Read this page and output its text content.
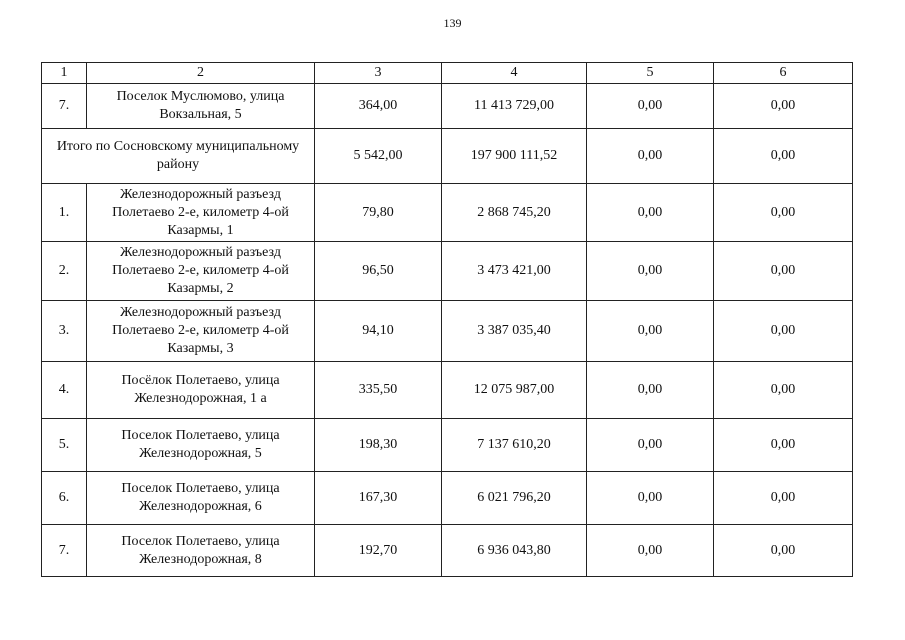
139
1	2	3	4	5	6
7.	Поселок Муслюмово, улица Вокзальная, 5	364,00	11 413 729,00	0,00	0,00
Итого по Сосновскому муниципальному району		5 542,00	197 900 111,52	0,00	0,00
1.	Железнодорожный разъезд Полетаево 2-е, километр 4-ой Казармы, 1	79,80	2 868 745,20	0,00	0,00
2.	Железнодорожный разъезд Полетаево 2-е, километр 4-ой Казармы, 2	96,50	3 473 421,00	0,00	0,00
3.	Железнодорожный разъезд Полетаево 2-е, километр 4-ой Казармы, 3	94,10	3 387 035,40	0,00	0,00
4.	Посёлок Полетаево, улица Железнодорожная, 1 а	335,50	12 075 987,00	0,00	0,00
5.	Поселок Полетаево, улица Железнодорожная, 5	198,30	7 137 610,20	0,00	0,00
6.	Поселок Полетаево, улица Железнодорожная, 6	167,30	6 021 796,20	0,00	0,00
7.	Поселок Полетаево, улица Железнодорожная, 8	192,70	6 936 043,80	0,00	0,00
